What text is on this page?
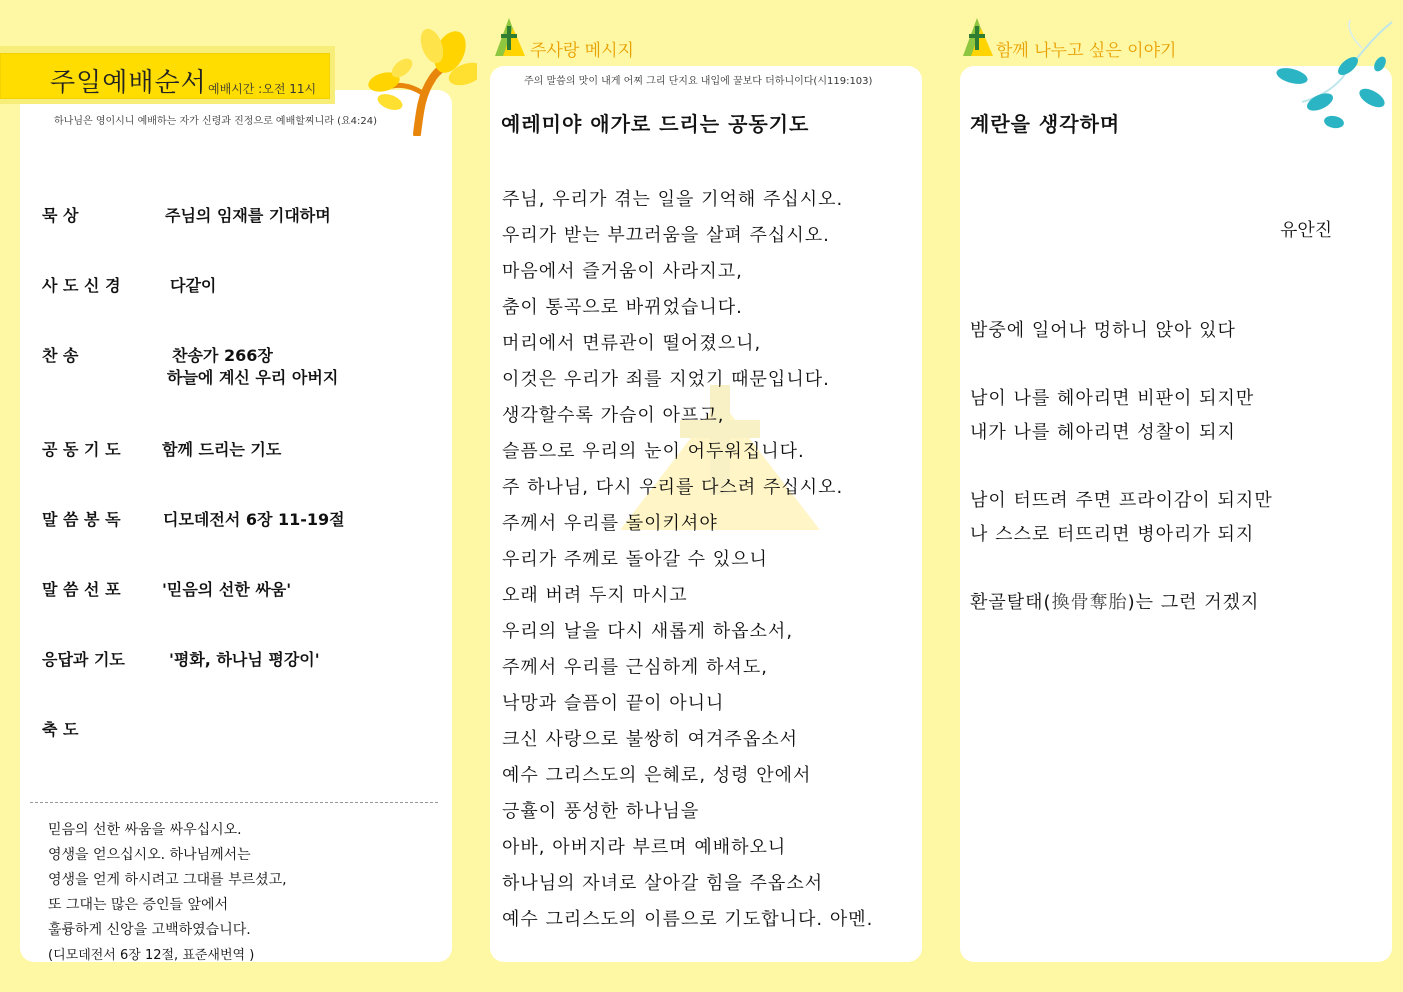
주일예배순서 예배시간 :오전 11시
하나님은 영이시니 예배하는 자가 신령과 진정으로 예배할찌니라 (요4:24)
묵 상	주님의 임재를 기대하며
사 도 신 경	다같이
찬 송	찬송가 266장
하늘에 계신 우리 아버지
공 동 기 도	함께 드리는 기도
말 씀 봉 독	디모데전서 6장 11-19절
말 씀 선 포	'믿음의 선한 싸움'
응답과 기도	'평화, 하나님 평강이'
축 도
믿음의 선한 싸움을 싸우십시오.
영생을 얻으십시오. 하나님께서는
영생을 얻게 하시려고 그대를 부르셨고,
또 그대는 많은 증인들 앞에서
훌륭하게 신앙을 고백하였습니다.
(디모데전서 6장 12절, 표준새번역 )
주사랑 메시지
주의 말씀의 맛이 내게 어찌 그리 단지요 내입에 꿀보다 더하니이다(시119:103)
예레미야 애가로 드리는 공동기도
주님, 우리가 겪는 일을 기억해 주십시오.
우리가 받는 부끄러움을 살펴 주십시오.
마음에서 즐거움이 사라지고,
춤이 통곡으로 바뀌었습니다.
머리에서 면류관이 떨어졌으니,
이것은 우리가 죄를 지었기 때문입니다.
생각할수록 가슴이 아프고,
슬픔으로 우리의 눈이 어두워집니다.
주 하나님, 다시 우리를 다스려 주십시오.
주께서 우리를 돌이키셔야
우리가 주께로 돌아갈 수 있으니
오래 버려 두지 마시고
우리의 날을 다시 새롭게 하옵소서,
주께서 우리를 근심하게 하셔도,
낙망과 슬픔이 끝이 아니니
크신 사랑으로 불쌍히 여겨주옵소서
예수 그리스도의 은혜로, 성령 안에서
긍휼이 풍성한 하나님을
아바, 아버지라 부르며 예배하오니
하나님의 자녀로 살아갈 힘을 주옵소서
예수 그리스도의 이름으로 기도합니다. 아멘.
함께 나누고 싶은 이야기
계란을 생각하며
유안진
밤중에 일어나 멍하니 앉아 있다
남이 나를 헤아리면 비판이 되지만
내가 나를 헤아리면 성찰이 되지
남이 터뜨려 주면 프라이감이 되지만
나 스스로 터뜨리면 병아리가 되지
환골탈태(換骨奪胎)는 그런 거겠지
